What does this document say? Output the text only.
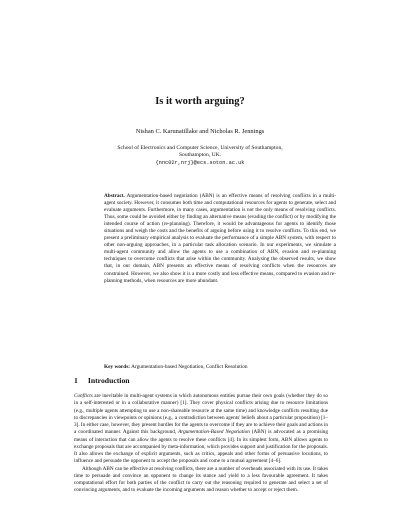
Is it worth arguing?
Nishan C. Karunatillake and Nicholas R. Jennings
School of Electronics and Computer Science, University of Southampton,
Southampton, UK.
{nnc02r,nrj}@ecs.soton.ac.uk
Abstract. Argumentation-based negotiation (ABN) is an effective means of resolving conflicts in a multi-agent society. However, it consumes both time and computational resources for agents to generate, select and evaluate arguments. Furthermore, in many cases, argumentation is not the only means of resolving conflicts. Thus, some could be avoided either by finding an alternative means (evading the conflict) or by modifying the intended course of action (re-planning). Therefore, it would be advantageous for agents to identify those situations and weigh the costs and the benefits of arguing before using it to resolve conflicts. To this end, we present a preliminary empirical analysis to evaluate the performance of a simple ABN system, with respect to other non-arguing approaches, in a particular task allocation scenario. In our experiments, we simulate a multi-agent community and allow the agents to use a combination of ABN, evasion and re-planning techniques to overcome conflicts that arise within the community. Analysing the observed results, we show that, in our domain, ABN presents an effective means of resolving conflicts when the resources are constrained. However, we also show it is a more costly and less effective means, compared to evasion and re-planning methods, when resources are more abundant.
Key words: Argumentation-based Negotiation, Conflict Resolution
1 Introduction

Conflicts are inevitable in multi-agent systems in which autonomous entities pursue their own goals (whether they do so in a self-interested or in a collaborative manner) [1]. They cover physical conflicts arising due to resource limitations (e.g., multiple agents attempting to use a non-shareable resource at the same time) and knowledge conflicts resulting due to discrepancies in viewpoints or opinions (e.g., a contradiction between agents' beliefs about a particular proposition) [1–3]. In either case, however, they present hurdles for the agents to overcome if they are to achieve their goals and actions in a coordinated manner. Against this background, Argumentation-Based Negotiation (ABN) is advocated as a promising means of interaction that can allow the agents to resolve these conflicts [4]. In its simplest form, ABN allows agents to exchange proposals that are accompanied by meta-information, which provides support and justification for the proposals. It also allows the exchange of explicit arguments, such as critics, appeals and other forms of persuasive locutions, to influence and persuade the opponent to accept the proposals and come to a mutual agreement [4–6].

Although ABN can be effective at resolving conflicts, there are a number of overheads associated with its use. It takes time to persuade and convince an opponent to change its stance and yield to a less favourable agreement. It takes computational effort for both parties of the conflict to carry out the reasoning required to generate and select a set of convincing arguments, and to evaluate the incoming arguments and reason whether to accept or reject them.
